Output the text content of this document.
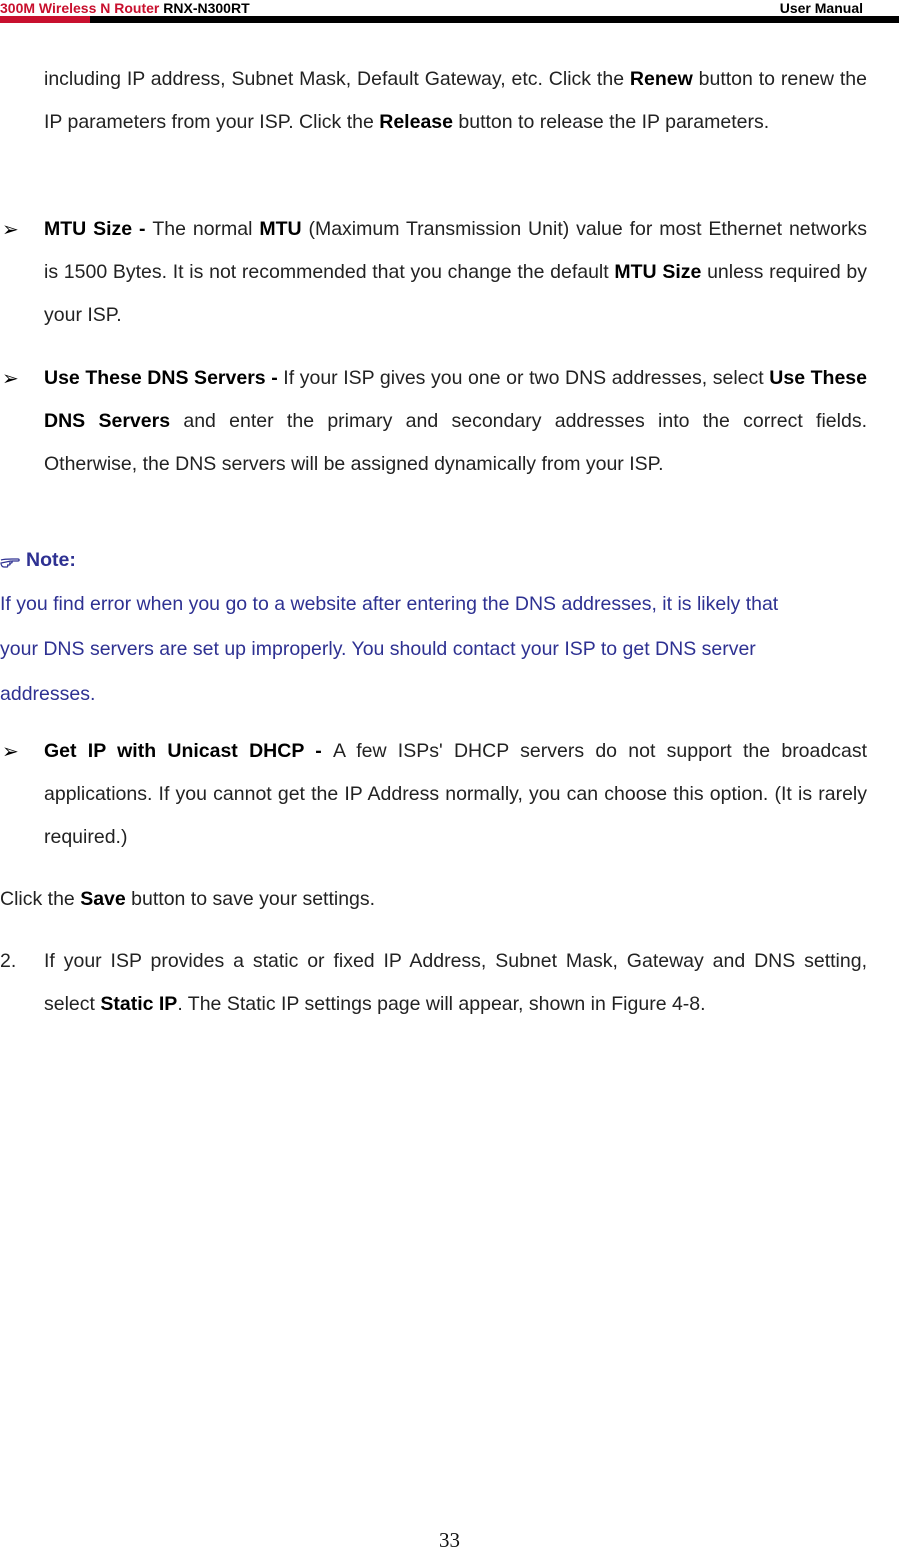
300M Wireless N Router RNX-N300RT	User Manual

including IP address, Subnet Mask, Default Gateway, etc. Click the Renew button to renew the IP parameters from your ISP. Click the Release button to release the IP parameters.

➢ MTU Size - The normal MTU (Maximum Transmission Unit) value for most Ethernet networks is 1500 Bytes. It is not recommended that you change the default MTU Size unless required by your ISP.

➢ Use These DNS Servers - If your ISP gives you one or two DNS addresses, select Use These DNS Servers and enter the primary and secondary addresses into the correct fields. Otherwise, the DNS servers will be assigned dynamically from your ISP.

Note:
If you find error when you go to a website after entering the DNS addresses, it is likely that
your DNS servers are set up improperly. You should contact your ISP to get DNS server
addresses.
➢ Get IP with Unicast DHCP - A few ISPs' DHCP servers do not support the broadcast applications. If you cannot get the IP Address normally, you can choose this option. (It is rarely required.)

Click the Save button to save your settings.
2. If your ISP provides a static or fixed IP Address, Subnet Mask, Gateway and DNS setting, select Static IP. The Static IP settings page will appear, shown in Figure 4-8.

33
